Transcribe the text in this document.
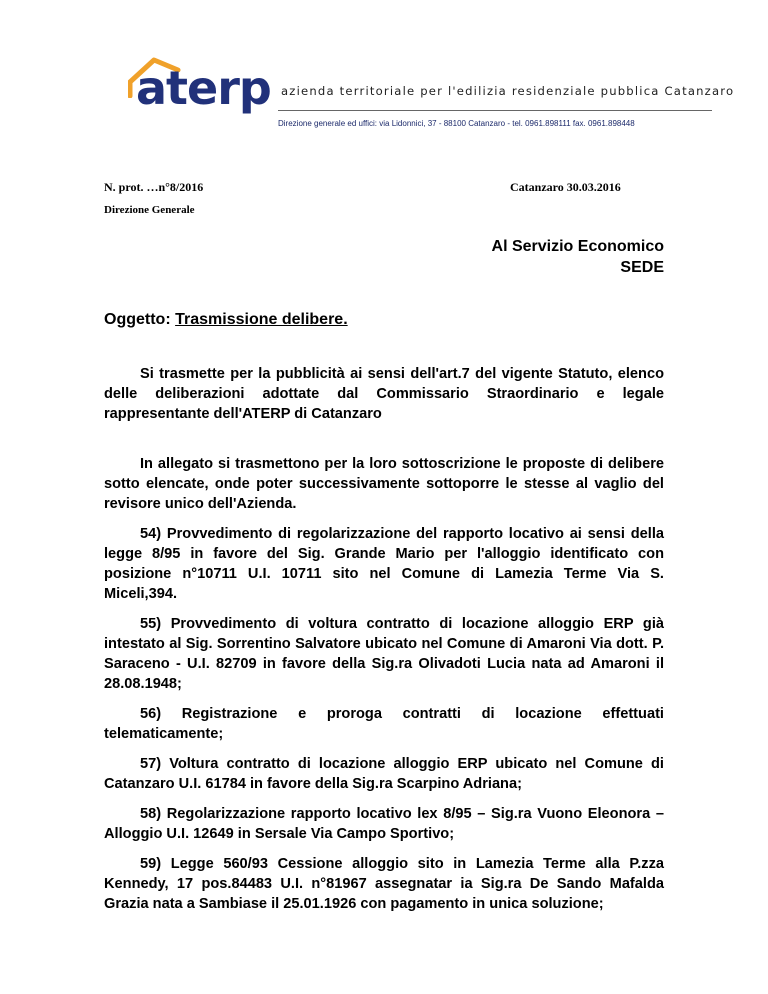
aterp azienda territoriale per l'edilizia residenziale pubblica Catanzaro
Direzione generale ed uffici: via Lidonnici, 37 - 88100 Catanzaro - tel. 0961.898111 fax. 0961.898448
N. prot. …n°8/2016	Catanzaro 30.03.2016
Direzione Generale
Al Servizio Economico
SEDE
Oggetto: Trasmissione delibere.

Si trasmette per la pubblicità ai sensi dell'art.7 del vigente Statuto, elenco delle deliberazioni adottate dal Commissario Straordinario e legale rappresentante dell'ATERP di Catanzaro

In allegato si trasmettono per la loro sottoscrizione le proposte di delibere sotto elencate, onde poter successivamente sottoporre le stesse al vaglio del revisore unico dell'Azienda.

54) Provvedimento di regolarizzazione del rapporto locativo ai sensi della legge 8/95 in favore del Sig. Grande Mario per l'alloggio identificato con posizione n°10711 U.I. 10711 sito nel Comune di Lamezia Terme Via S. Miceli,394.

55) Provvedimento di voltura contratto di locazione alloggio ERP già intestato al Sig. Sorrentino Salvatore ubicato nel Comune di Amaroni Via dott. P. Saraceno - U.I. 82709 in favore della Sig.ra Olivadoti Lucia nata ad Amaroni il 28.08.1948;

56) Registrazione e proroga contratti di locazione effettuati telematicamente;

57) Voltura contratto di locazione alloggio ERP ubicato nel Comune di Catanzaro U.I. 61784 in favore della Sig.ra Scarpino Adriana;

58) Regolarizzazione rapporto locativo lex 8/95 – Sig.ra Vuono Eleonora – Alloggio U.I. 12649 in Sersale Via Campo Sportivo;

59) Legge 560/93 Cessione alloggio sito in Lamezia Terme alla P.zza Kennedy, 17 pos.84483 U.I. n°81967 assegnatar ia Sig.ra De Sando Mafalda Grazia nata a Sambiase il 25.01.1926 con pagamento in unica soluzione;
